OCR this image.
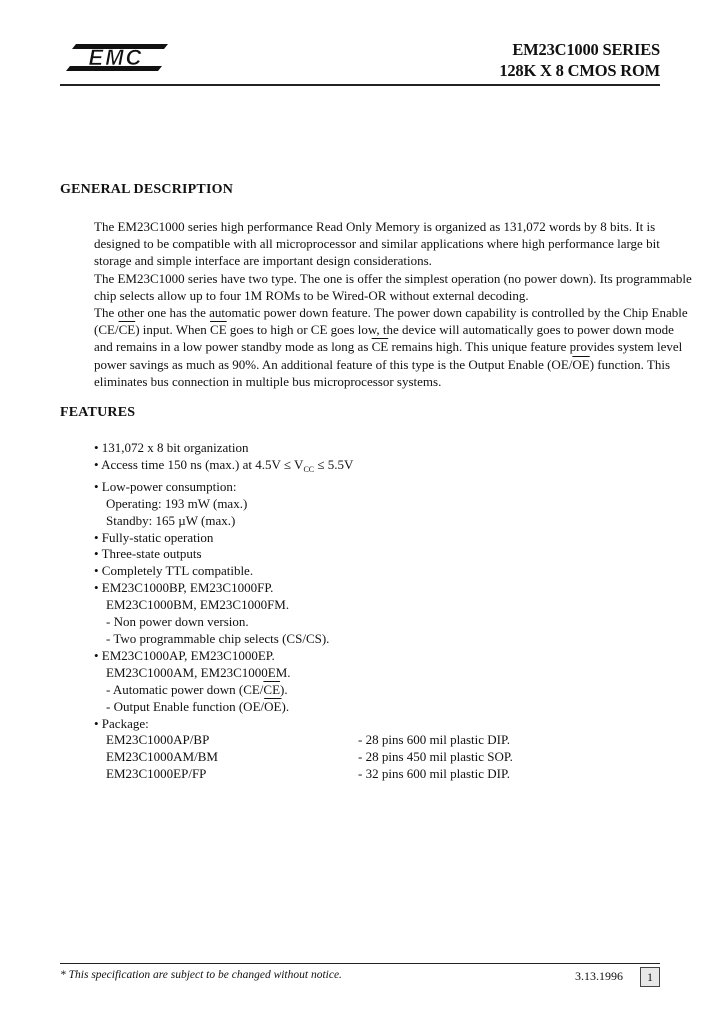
EMC	EM23C1000 SERIES
128K X 8 CMOS ROM
GENERAL DESCRIPTION
The EM23C1000 series high performance Read Only Memory is organized as 131,072 words by 8 bits. It is
designed to be compatible with all microprocessor and similar applications where high performance large bit
storage and simple interface are important design considerations.
The EM23C1000 series have two type. The one is offer the simplest operation (no power down). Its programmable
chip selects allow up to four 1M ROMs to be Wired-OR without external decoding.
The other one has the automatic power down feature. The power down capability is controlled by the Chip Enable
$(CE/\overline{CE})$ input. When $\overline{CE}$ goes to high or CE goes low, the device will automatically goes to power down mode
and remains in a low power standby mode as long as $\overline{CE}$ remains high. This unique feature provides system level
power savings as much as 90%. An additional feature of this type is the Output Enable $(OE/\overline{OE})$ function. This
eliminates bus connection in multiple bus microprocessor systems.
FEATURES
• 131,072 x 8 bit organization
• Access time 150 ns (max.) at $4.5V \le V_{CC} \le 5.5V$
• Low-power consumption:
Operating: 193 mW (max.)
Standby: 165 µW (max.)
• Fully-static operation
• Three-state outputs
• Completely TTL compatible.
• EM23C1000BP, EM23C1000FP.
EM23C1000BM, EM23C1000FM.
- Non power down version.
- Two programmable chip selects (CS/CS).
• EM23C1000AP, EM23C1000EP.
EM23C1000AM, EM23C1000EM.
- Automatic power down $(CE/\overline{CE})$.
- Output Enable function $(OE/\overline{OE})$.
• Package:
EM23C1000AP/BP	- 28 pins 600 mil plastic DIP.
EM23C1000AM/BM	- 28 pins 450 mil plastic SOP.
EM23C1000EP/FP	- 32 pins 600 mil plastic DIP.
* This specification are subject to be changed without notice.	3.13.1996	1
